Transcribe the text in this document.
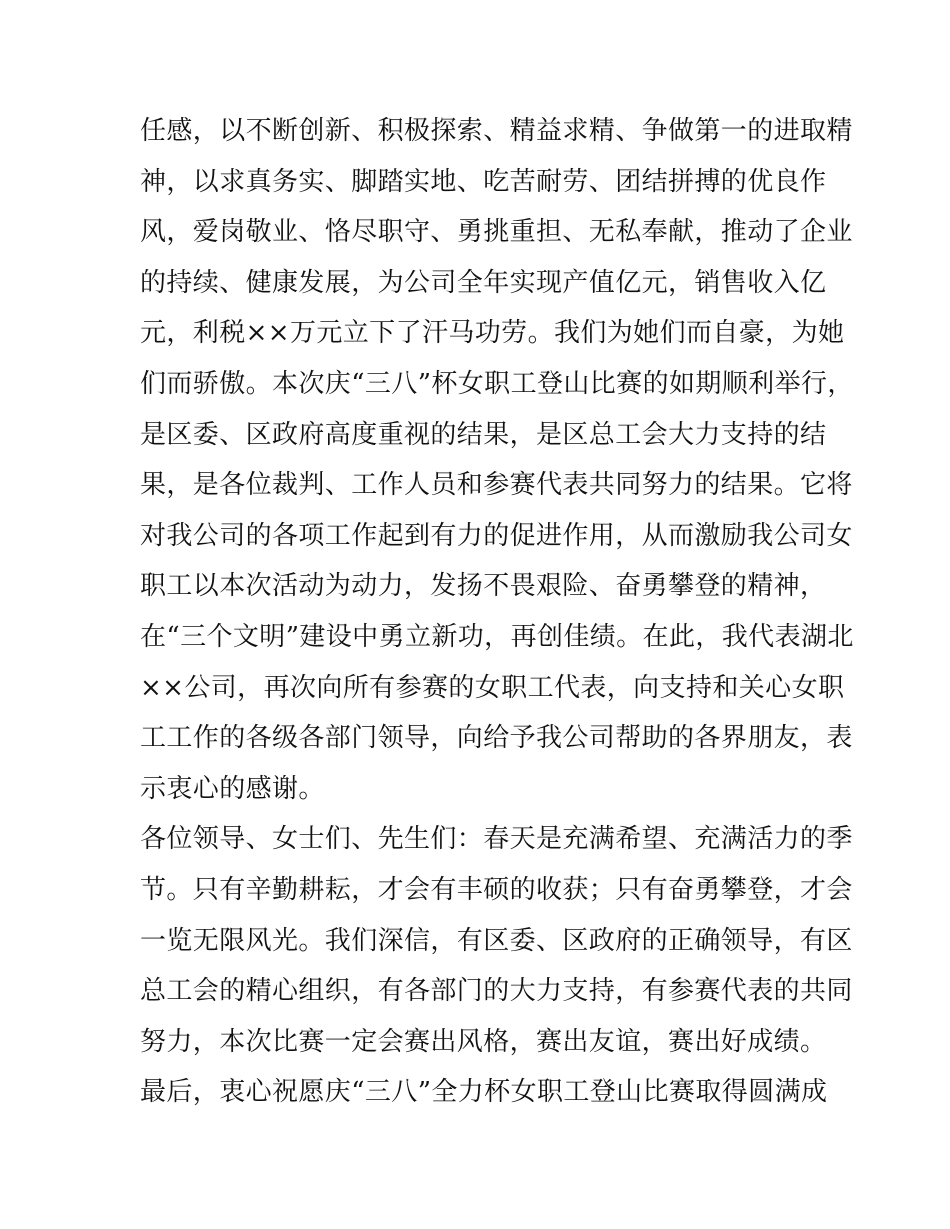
任感，以不断创新、积极探索、精益求精、争做第一的进取精
神，以求真务实、脚踏实地、吃苦耐劳、团结拼搏的优良作
风，爱岗敬业、恪尽职守、勇挑重担、无私奉献，推动了企业
的持续、健康发展，为公司全年实现产值亿元，销售收入亿
元，利税××万元立下了汗马功劳。我们为她们而自豪，为她
们而骄傲。本次庆“三八”杯女职工登山比赛的如期顺利举行，
是区委、区政府高度重视的结果，是区总工会大力支持的结
果，是各位裁判、工作人员和参赛代表共同努力的结果。它将
对我公司的各项工作起到有力的促进作用，从而激励我公司女
职工以本次活动为动力，发扬不畏艰险、奋勇攀登的精神，
在“三个文明”建设中勇立新功，再创佳绩。在此，我代表湖北
××公司，再次向所有参赛的女职工代表，向支持和关心女职
工工作的各级各部门领导，向给予我公司帮助的各界朋友，表
示衷心的感谢。
各位领导、女士们、先生们：春天是充满希望、充满活力的季
节。只有辛勤耕耘，才会有丰硕的收获；只有奋勇攀登，才会
一览无限风光。我们深信，有区委、区政府的正确领导，有区
总工会的精心组织，有各部门的大力支持，有参赛代表的共同
努力，本次比赛一定会赛出风格，赛出友谊，赛出好成绩。
最后，衷心祝愿庆“三八”全力杯女职工登山比赛取得圆满成
